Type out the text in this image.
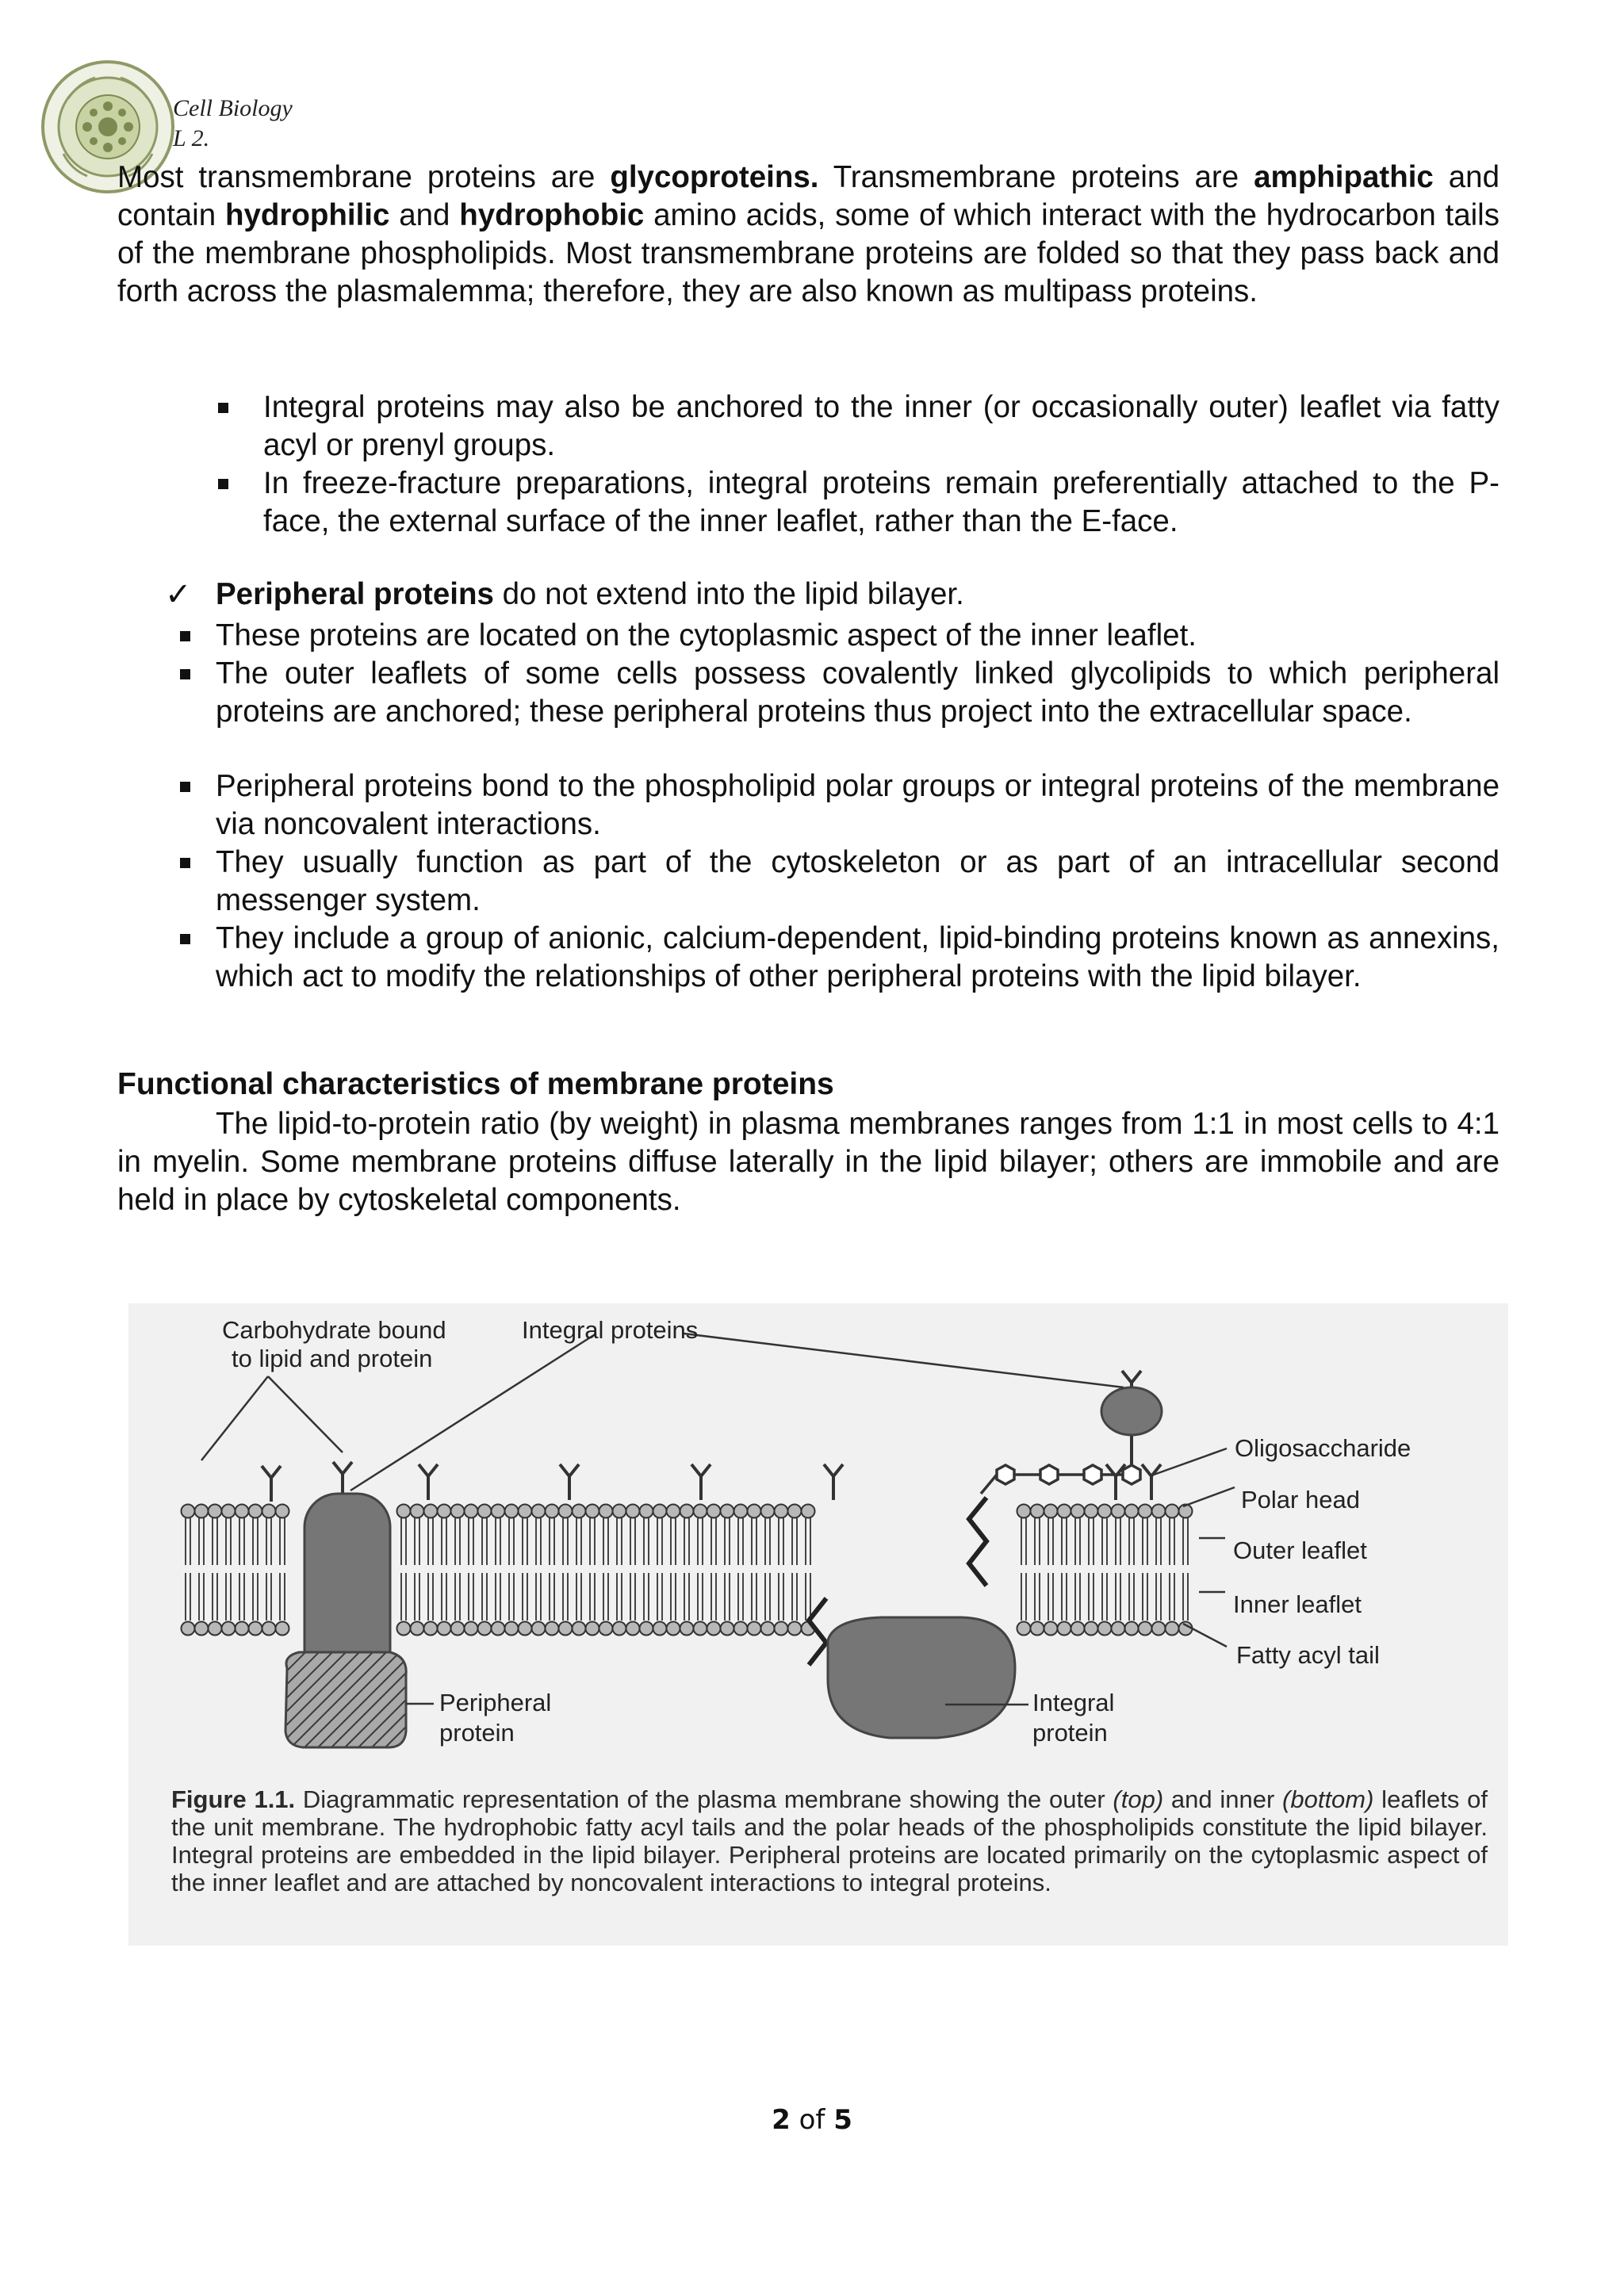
Cell Biology
L 2.
Most transmembrane proteins are glycoproteins. Transmembrane proteins are amphipathic and contain hydrophilic and hydrophobic amino acids, some of which interact with the hydrocarbon tails of the membrane phospholipids. Most transmembrane proteins are folded so that they pass back and forth across the plasmalemma; therefore, they are also known as multipass proteins.
Integral proteins may also be anchored to the inner (or occasionally outer) leaflet via fatty acyl or prenyl groups.
In freeze-fracture preparations, integral proteins remain preferentially attached to the P-face, the external surface of the inner leaflet, rather than the E-face.
✓ Peripheral proteins do not extend into the lipid bilayer.
These proteins are located on the cytoplasmic aspect of the inner leaflet.
The outer leaflets of some cells possess covalently linked glycolipids to which peripheral proteins are anchored; these peripheral proteins thus project into the extracellular space.
Peripheral proteins bond to the phospholipid polar groups or integral proteins of the membrane via noncovalent interactions.
They usually function as part of the cytoskeleton or as part of an intracellular second messenger system.
They include a group of anionic, calcium-dependent, lipid-binding proteins known as annexins, which act to modify the relationships of other peripheral proteins with the lipid bilayer.
Functional characteristics of membrane proteins
The lipid-to-protein ratio (by weight) in plasma membranes ranges from 1:1 in most cells to 4:1 in myelin. Some membrane proteins diffuse laterally in the lipid bilayer; others are immobile and are held in place by cytoskeletal components.
Carbohydrate bound
to lipid and protein
Integral proteins
Oligosaccharide
Polar head
Outer leaflet
Inner leaflet
Fatty acyl tail
Peripheral
protein
Integral
protein
Figure 1.1. Diagrammatic representation of the plasma membrane showing the outer (top) and inner (bottom) leaflets of the unit membrane. The hydrophobic fatty acyl tails and the polar heads of the phospholipids constitute the lipid bilayer. Integral proteins are embedded in the lipid bilayer. Peripheral proteins are located primarily on the cytoplasmic aspect of the inner leaflet and are attached by noncovalent interactions to integral proteins.
2 of 5
